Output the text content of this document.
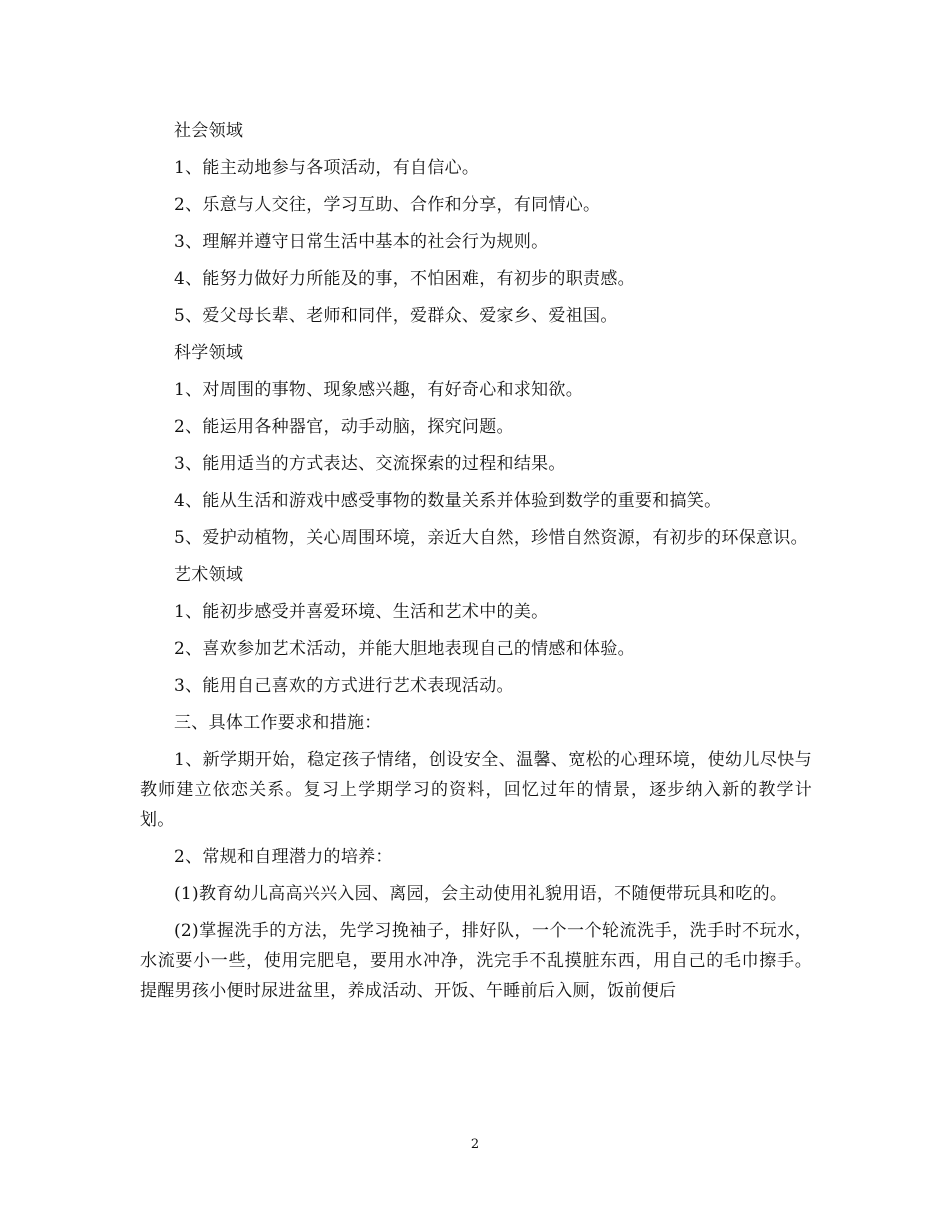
社会领域

1、能主动地参与各项活动，有自信心。

2、乐意与人交往，学习互助、合作和分享，有同情心。

3、理解并遵守日常生活中基本的社会行为规则。

4、能努力做好力所能及的事，不怕困难，有初步的职责感。

5、爱父母长辈、老师和同伴，爱群众、爱家乡、爱祖国。

科学领域

1、对周围的事物、现象感兴趣，有好奇心和求知欲。

2、能运用各种器官，动手动脑，探究问题。

3、能用适当的方式表达、交流探索的过程和结果。

4、能从生活和游戏中感受事物的数量关系并体验到数学的重要和搞笑。

5、爱护动植物，关心周围环境，亲近大自然，珍惜自然资源，有初步的环保意识。

艺术领域

1、能初步感受并喜爱环境、生活和艺术中的美。

2、喜欢参加艺术活动，并能大胆地表现自己的情感和体验。

3、能用自己喜欢的方式进行艺术表现活动。

三、具体工作要求和措施：

1、新学期开始，稳定孩子情绪，创设安全、温馨、宽松的心理环境，使幼儿尽快与教师建立依恋关系。复习上学期学习的资料，回忆过年的情景，逐步纳入新的教学计划。

2、常规和自理潜力的培养：

(1)教育幼儿高高兴兴入园、离园，会主动使用礼貌用语，不随便带玩具和吃的。

(2)掌握洗手的方法，先学习挽袖子，排好队，一个一个轮流洗手，洗手时不玩水，水流要小一些，使用完肥皂，要用水冲净，洗完手不乱摸脏东西，用自己的毛巾擦手。提醒男孩小便时尿进盆里，养成活动、开饭、午睡前后入厕，饭前便后

2
